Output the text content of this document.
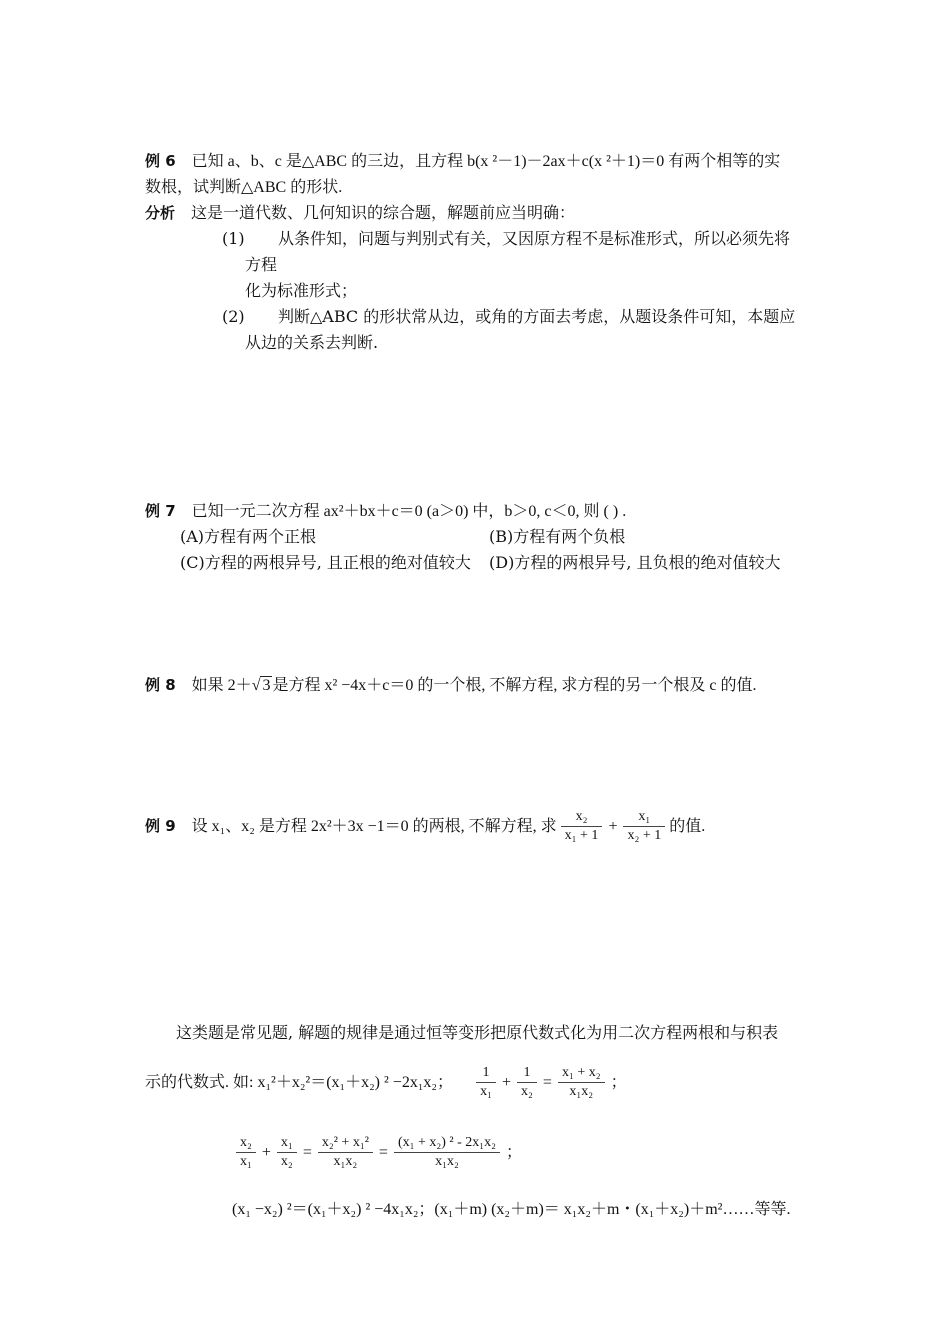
例 6 已知 a、b、c 是△ABC 的三边，且方程 b(x ²－1)－2ax＋c(x ²＋1)＝0 有两个相等的实
数根，试判断△ABC 的形状.
分析 这是一道代数、几何知识的综合题，解题前应当明确：
(1) 从条件知，问题与判别式有关，又因原方程不是标准形式，所以必须先将
方程
化为标准形式；
(2) 判断△ABC 的形状常从边，或角的方面去考虑，从题设条件可知，本题应
从边的关系去判断.
例 7 已知一元二次方程 ax²＋bx＋c＝0 (a＞0) 中，b＞0, c＜0, 则 ( ) .
(A)方程有两个正根	(B)方程有两个负根
(C)方程的两根异号, 且正根的绝对值较大 (D)方程的两根异号, 且负根的绝对值较大
例 8 如果 2＋√ 3 是方程 x² −4x＋c＝0 的一个根, 不解方程, 求方程的另一个根及 c 的值.
例 9 设 x₁、x₂ 是方程 2x²＋3x −1＝0 的两根, 不解方程, 求 $\frac{\text{x₂}}{\text{x₁ + 1}} + \frac{\text{x₁}}{\text{x₂ + 1}}$ 的值.
这类题是常见题, 解题的规律是通过恒等变形把原代数式化为用二次方程两根和与积表
示的代数式. 如: x₁²＋x₂²＝(x₁＋x₂) ² −2x₁x₂； $\frac{1}{\text{x₁}} + \frac{1}{\text{x₂}} = \frac{\text{x₁ + x₂}}{\text{x₁x₂}}$ ；
$\frac{\text{x₂}}{\text{x₁}} + \frac{\text{x₁}}{\text{x₂}} = \frac{\text{x₂² + x₁²}}{\text{x₁x₂}} = \frac{\text{(x₁ + x₂) ² - 2x₁x₂}}{\text{x₁x₂}}$ ；
(x₁ −x₂) ²＝(x₁＋x₂) ² −4x₁x₂；(x₁＋m) (x₂＋m)＝ x₁x₂＋m・(x₁＋x₂)＋m²……等等.
